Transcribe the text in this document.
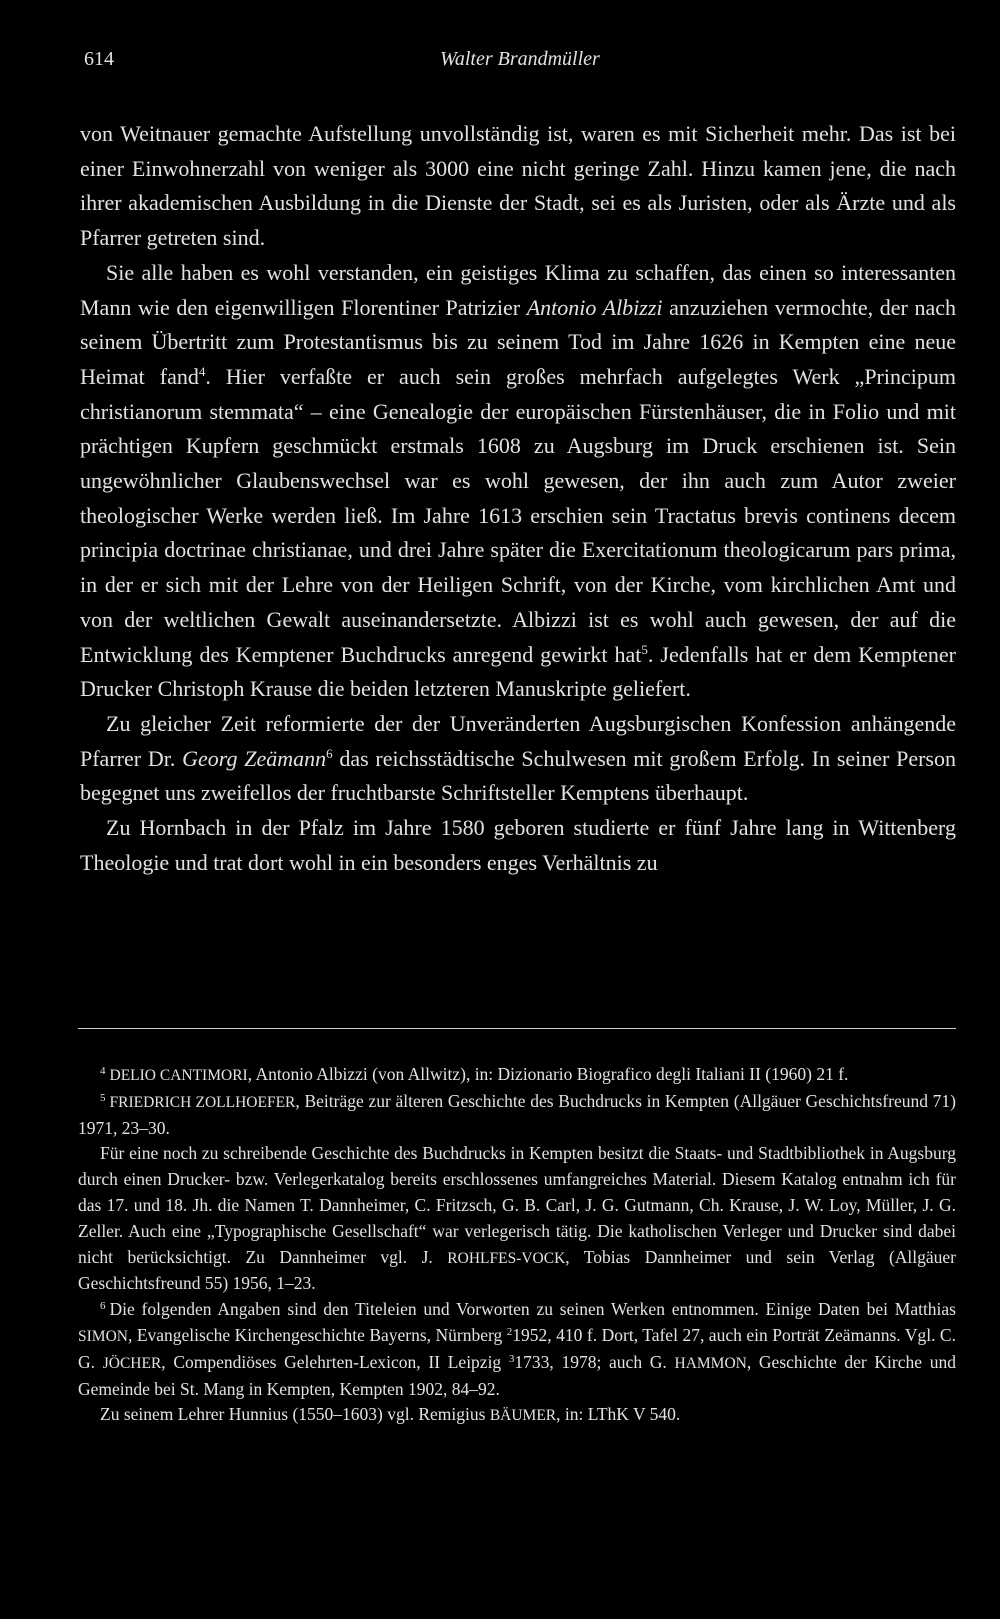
614	Walter Brandmüller

von Weitnauer gemachte Aufstellung unvollständig ist, waren es mit Sicherheit mehr. Das ist bei einer Einwohnerzahl von weniger als 3000 eine nicht geringe Zahl. Hinzu kamen jene, die nach ihrer akademischen Ausbildung in die Dienste der Stadt, sei es als Juristen, oder als Ärzte und als Pfarrer getreten sind.

Sie alle haben es wohl verstanden, ein geistiges Klima zu schaffen, das einen so interessanten Mann wie den eigenwilligen Florentiner Patrizier Antonio Albizzi anzuziehen vermochte, der nach seinem Übertritt zum Protestantismus bis zu seinem Tod im Jahre 1626 in Kempten eine neue Heimat fand$^4$. Hier verfaßte er auch sein großes mehrfach aufgelegtes Werk „Principum christianorum stemmata“ – eine Genealogie der europäischen Fürstenhäuser, die in Folio und mit prächtigen Kupfern geschmückt erstmals 1608 zu Augsburg im Druck erschienen ist. Sein ungewöhnlicher Glaubenswechsel war es wohl gewesen, der ihn auch zum Autor zweier theologischer Werke werden ließ. Im Jahre 1613 erschien sein Tractatus brevis continens decem principia doctrinae christianae, und drei Jahre später die Exercitationum theologicarum pars prima, in der er sich mit der Lehre von der Heiligen Schrift, von der Kirche, vom kirchlichen Amt und von der weltlichen Gewalt auseinandersetzte. Albizzi ist es wohl auch gewesen, der auf die Entwicklung des Kemptener Buchdrucks anregend gewirkt hat$^5$. Jedenfalls hat er dem Kemptener Drucker Christoph Krause die beiden letzteren Manuskripte geliefert.

Zu gleicher Zeit reformierte der der Unveränderten Augsburgischen Konfession anhängende Pfarrer Dr. Georg Zeämann$^6$ das reichsstädtische Schulwesen mit großem Erfolg. In seiner Person begegnet uns zweifellos der fruchtbarste Schriftsteller Kemptens überhaupt.

Zu Hornbach in der Pfalz im Jahre 1580 geboren studierte er fünf Jahre lang in Wittenberg Theologie und trat dort wohl in ein besonders enges Verhältnis zu

$^4$ DELIO CANTIMORI, Antonio Albizzi (von Allwitz), in: Dizionario Biografico degli Italiani II (1960) 21 f.

$^5$ FRIEDRICH ZOLLHOEFER, Beiträge zur älteren Geschichte des Buchdrucks in Kempten (Allgäuer Geschichtsfreund 71) 1971, 23–30.

Für eine noch zu schreibende Geschichte des Buchdrucks in Kempten besitzt die Staats- und Stadtbibliothek in Augsburg durch einen Drucker- bzw. Verlegerkatalog bereits erschlossenes umfangreiches Material. Diesem Katalog entnahm ich für das 17. und 18. Jh. die Namen T. Dannheimer, C. Fritzsch, G. B. Carl, J. G. Gutmann, Ch. Krause, J. W. Loy, Müller, J. G. Zeller. Auch eine „Typographische Gesellschaft“ war verlegerisch tätig. Die katholischen Verleger und Drucker sind dabei nicht berücksichtigt. Zu Dannheimer vgl. J. ROHLFES-VOCK, Tobias Dannheimer und sein Verlag (Allgäuer Geschichtsfreund 55) 1956, 1–23.

$^6$ Die folgenden Angaben sind den Titeleien und Vorworten zu seinen Werken entnommen. Einige Daten bei Matthias SIMON, Evangelische Kirchengeschichte Bayerns, Nürnberg $^2$1952, 410 f. Dort, Tafel 27, auch ein Porträt Zeämanns. Vgl. C. G. JÖCHER, Compendiöses Gelehrten-Lexicon, II Leipzig $^3$1733, 1978; auch G. HAMMON, Geschichte der Kirche und Gemeinde bei St. Mang in Kempten, Kempten 1902, 84–92.

Zu seinem Lehrer Hunnius (1550–1603) vgl. Remigius BÄUMER, in: LThK V 540.
